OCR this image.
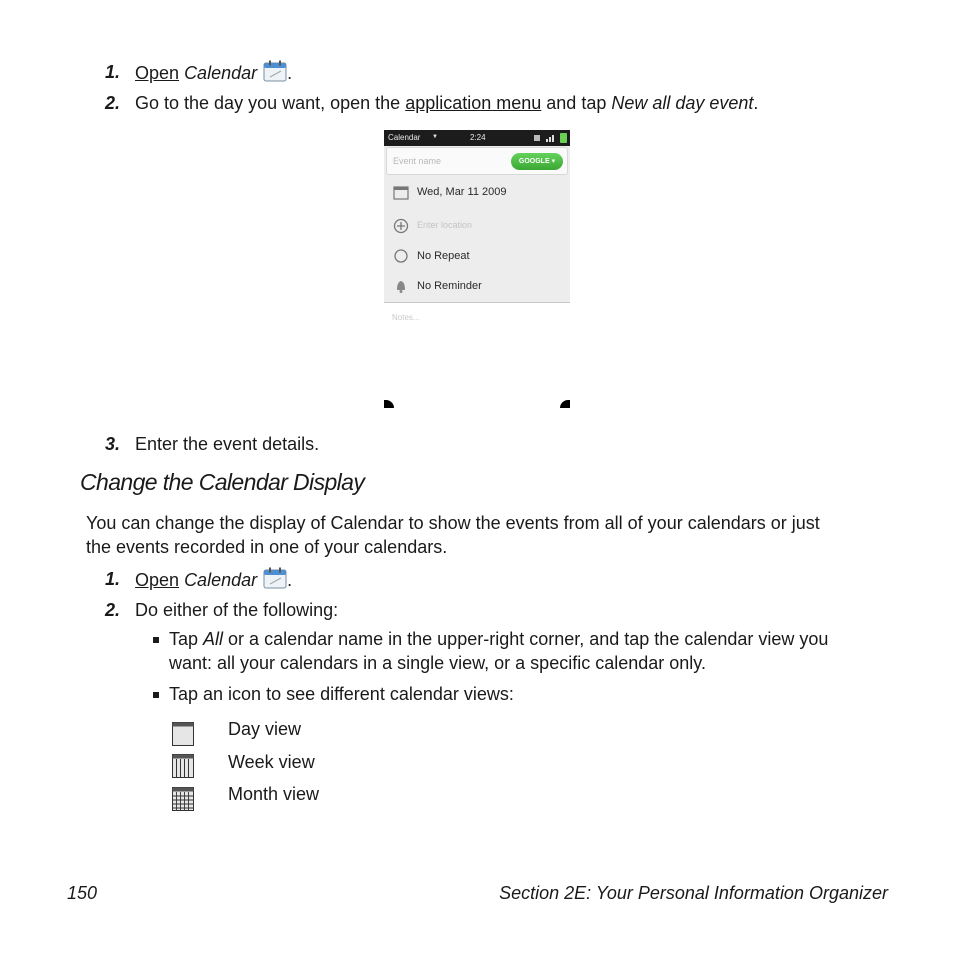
1. Open Calendar .
2. Go to the day you want, open the application menu and tap New all day event.
Calendar ▼	2:24
Event name	GOOGLE ▾
Wed, Mar 11 2009
Enter location
No Repeat
No Reminder
Notes...
3. Enter the event details.
Change the Calendar Display
You can change the display of Calendar to show the events from all of your calendars or just
the events recorded in one of your calendars.
1. Open Calendar .
2. Do either of the following:
Tap All or a calendar name in the upper-right corner, and tap the calendar view you
want: all your calendars in a single view, or a specific calendar only.
Tap an icon to see different calendar views:
Day view
Week view
Month view
150	Section 2E: Your Personal Information Organizer
